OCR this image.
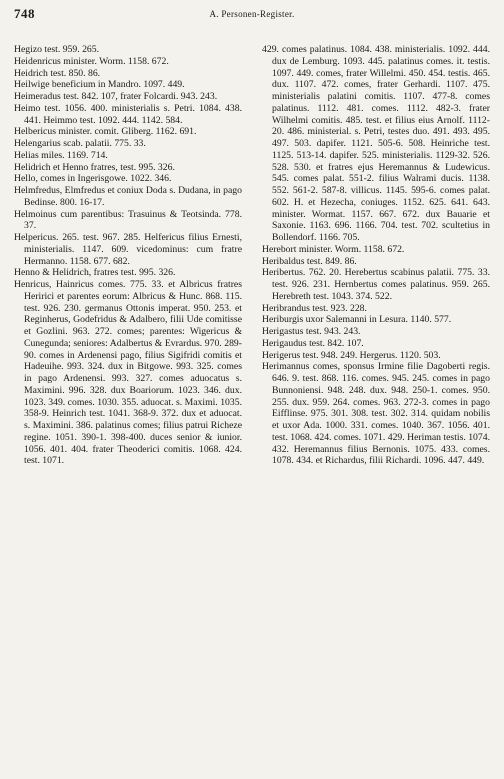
748	A. Personen-Register.
Hegizo test. 959. 265.
Heidenricus minister. Worm. 1158. 672.
Heidrich test. 850. 86.
Heilwige beneficium in Mandro. 1097. 449.
Heimeradus test. 842. 107, frater Folcardi. 943. 243.
Heimo test. 1056. 400. ministerialis s. Petri. 1084. 438. 441. Heimmo test. 1092. 444. 1142. 584.
Helbericus minister. comit. Gliberg. 1162. 691.
Helengarius scab. palatii. 775. 33.
Helias miles. 1169. 714.
Helidrich et Henno fratres, test. 995. 326.
Hello, comes in Ingerisgowe. 1022. 346.
Helmfredus, Elmfredus et coniux Doda s. Dudana, in pago Bedinse. 800. 16-17.
Helmoinus cum parentibus: Trasuinus & Teotsinda. 778. 37.
Helpericus. 265. test. 967. 285. Helfericus filius Ernesti, ministerialis. 1147. 609. vicedominus: cum fratre Hermanno. 1158. 677. 682.
Henno & Helidrich, fratres test. 995. 326.
Henricus, Hainricus comes. 775. 33. et Albricus fratres Heririci et parentes eorum: Albricus & Hunc. 868. 115. test. 926. 230. germanus Ottonis imperat. 950. 253. et Reginherus, Godefridus & Adalbero, filii Ude comitisse et Gozlini. 963. 272. comes; parentes: Wigericus & Cunegunda; seniores: Adalbertus & Evrardus. 970. 289-90. comes in Ardenensi pago, filius Sigifridi comitis et Hadeuihe. 993. 324. dux in Bitgowe. 993. 325. comes in pago Ardenensi. 993. 327. comes aduocatus s. Maximini. 996. 328. dux Boariorum. 1023. 346. dux. 1023. 349. comes. 1030. 355. aduocat. s. Maximi. 1035. 358-9. Heinrich test. 1041. 368-9. 372. dux et aduocat. s. Maximini. 386. palatinus comes; filius patrui Richeze regine. 1051. 390-1. 398-400. duces senior & iunior. 1056. 401. 404. frater Theoderici comitis. 1068. 424. test. 1071.
429. comes palatinus. 1084. 438. ministerialis. 1092. 444. dux de Lemburg. 1093. 445. palatinus comes. it. testis. 1097. 449. comes, frater Willelmi. 450. 454. testis. 465. dux. 1107. 472. comes, frater Gerhardi. 1107. 475. ministerialis palatini comitis. 1107. 477-8. comes palatinus. 1112. 481. comes. 1112. 482-3. frater Wilhelmi comitis. 485. test. et filius eius Arnolf. 1112-20. 486. ministerial. s. Petri, testes duo. 491. 493. 495. 497. 503. dapifer. 1121. 505-6. 508. Heinriche test. 1125. 513-14. dapifer. 525. ministerialis. 1129-32. 526. 528. 530. et fratres ejus Heremannus & Ludewicus. 545. comes palat. 551-2. filius Walrami ducis. 1138. 552. 561-2. 587-8. villicus. 1145. 595-6. comes palat. 602. H. et Hezecha, coniuges. 1152. 625. 641. 643. minister. Wormat. 1157. 667. 672. dux Bauarie et Saxonie. 1163. 696. 1166. 704. test. 702. scultetius in Bollendorf. 1166. 705.
Herebort minister. Worm. 1158. 672.
Heribaldus test. 849. 86.
Heribertus. 762. 20. Herebertus scabinus palatii. 775. 33. test. 926. 231. Hernbertus comes palatinus. 959. 265. Herebreth test. 1043. 374. 522.
Heribrandus test. 923. 228.
Heriburgis uxor Salemanni in Lesura. 1140. 577.
Herigastus test. 943. 243.
Herigaudus test. 842. 107.
Herigerus test. 948. 249. Hergerus. 1120. 503.
Herimannus comes, sponsus Irmine filie Dagoberti regis. 646. 9. test. 868. 116. comes. 945. 245. comes in pago Bunnoniensi. 948. 248. dux. 948. 250-1. comes. 950. 255. dux. 959. 264. comes. 963. 272-3. comes in pago Eifflinse. 975. 301. 308. test. 302. 314. quidam nobilis et uxor Ada. 1000. 331. comes. 1040. 367. 1056. 401. test. 1068. 424. comes. 1071. 429. Heriman testis. 1074. 432. Heremannus filius Bernonis. 1075. 433. comes. 1078. 434. et Richardus, filii Richardi. 1096. 447. 449.
